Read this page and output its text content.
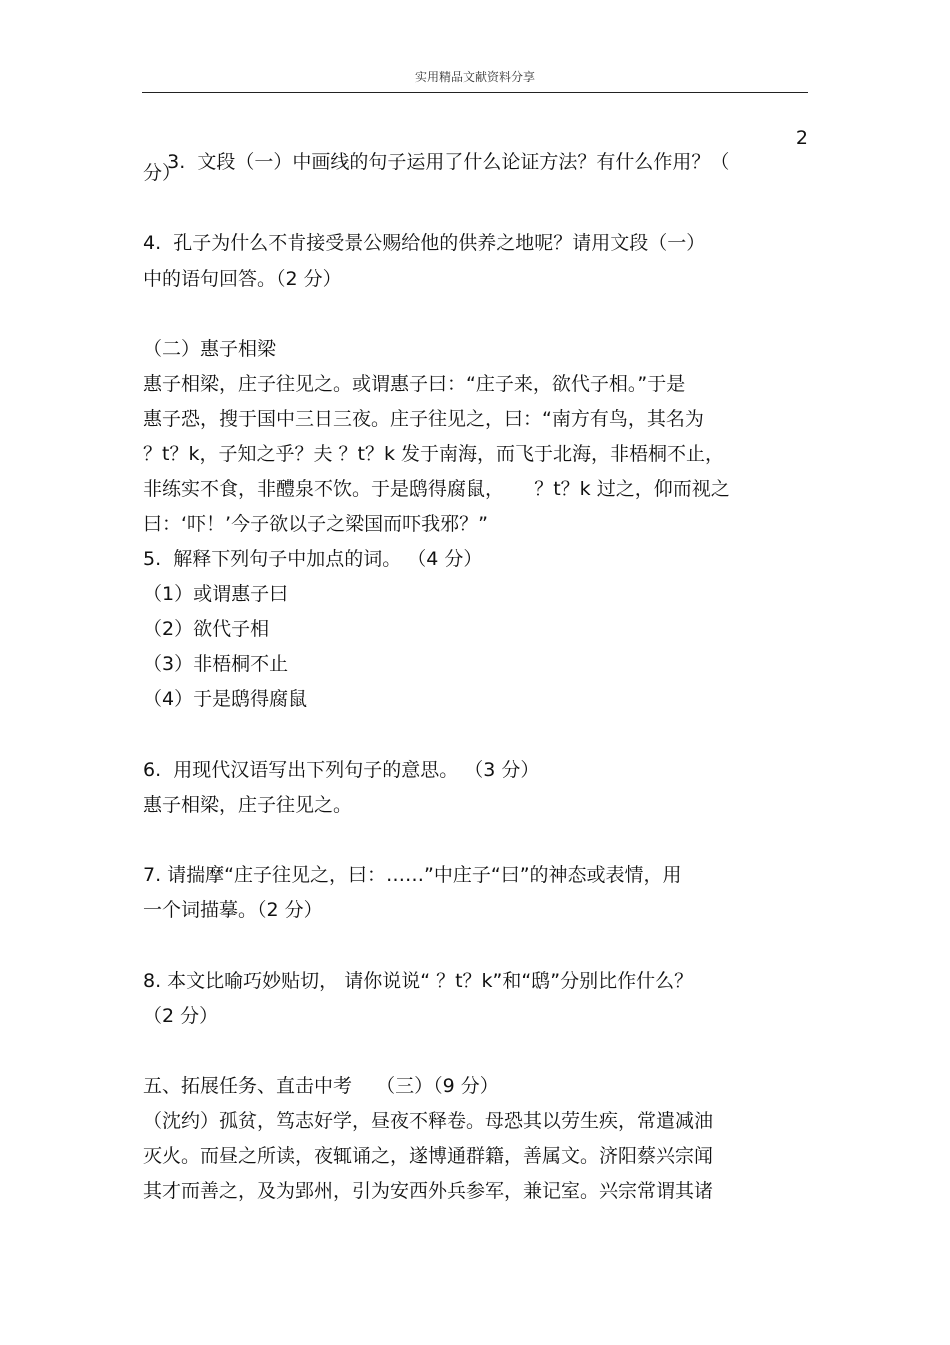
实用精品文献资料分享

3.  文段（一）中画线的句子运用了什么论证方法？有什么作用？（

2

分）
4.  孔子为什么不肯接受景公赐给他的供养之地呢？请用文段（一）
中的语句回答。（2 分）
（二）惠子相梁
惠子相梁，庄子往见之。或谓惠子曰：“庄子来，欲代子相。”于是
惠子恐，搜于国中三日三夜。庄子往见之，曰：“南方有鸟，其名为
？t？k，子知之乎？夫 ？t？k 发于南海，而飞于北海，非梧桐不止，
非练实不食，非醴泉不饮。于是鸱得腐鼠，     ？t？k 过之，仰而视之
曰：‘吓！’今子欲以子之梁国而吓我邪？”
5.  解释下列句子中加点的词。 （4 分）
（1）或谓惠子曰
（2）欲代子相
（3）非梧桐不止
（4）于是鸱得腐鼠
6.  用现代汉语写出下列句子的意思。 （3 分）
惠子相梁，庄子往见之。
7. 请揣摩“庄子往见之，曰：……”中庄子“曰”的神态或表情，用
一个词描摹。（2 分）
8. 本文比喻巧妙贴切， 请你说说“ ？t？k”和“鸱”分别比作什么？
（2 分）
五、拓展任务、直击中考    （三）（9 分）
（沈约）孤贫，笃志好学，昼夜不释卷。母恐其以劳生疾，常遣减油
灭火。而昼之所读，夜辄诵之，遂博通群籍，善属文。济阳蔡兴宗闻
其才而善之，及为郢州，引为安西外兵参军，兼记室。兴宗常谓其诸
